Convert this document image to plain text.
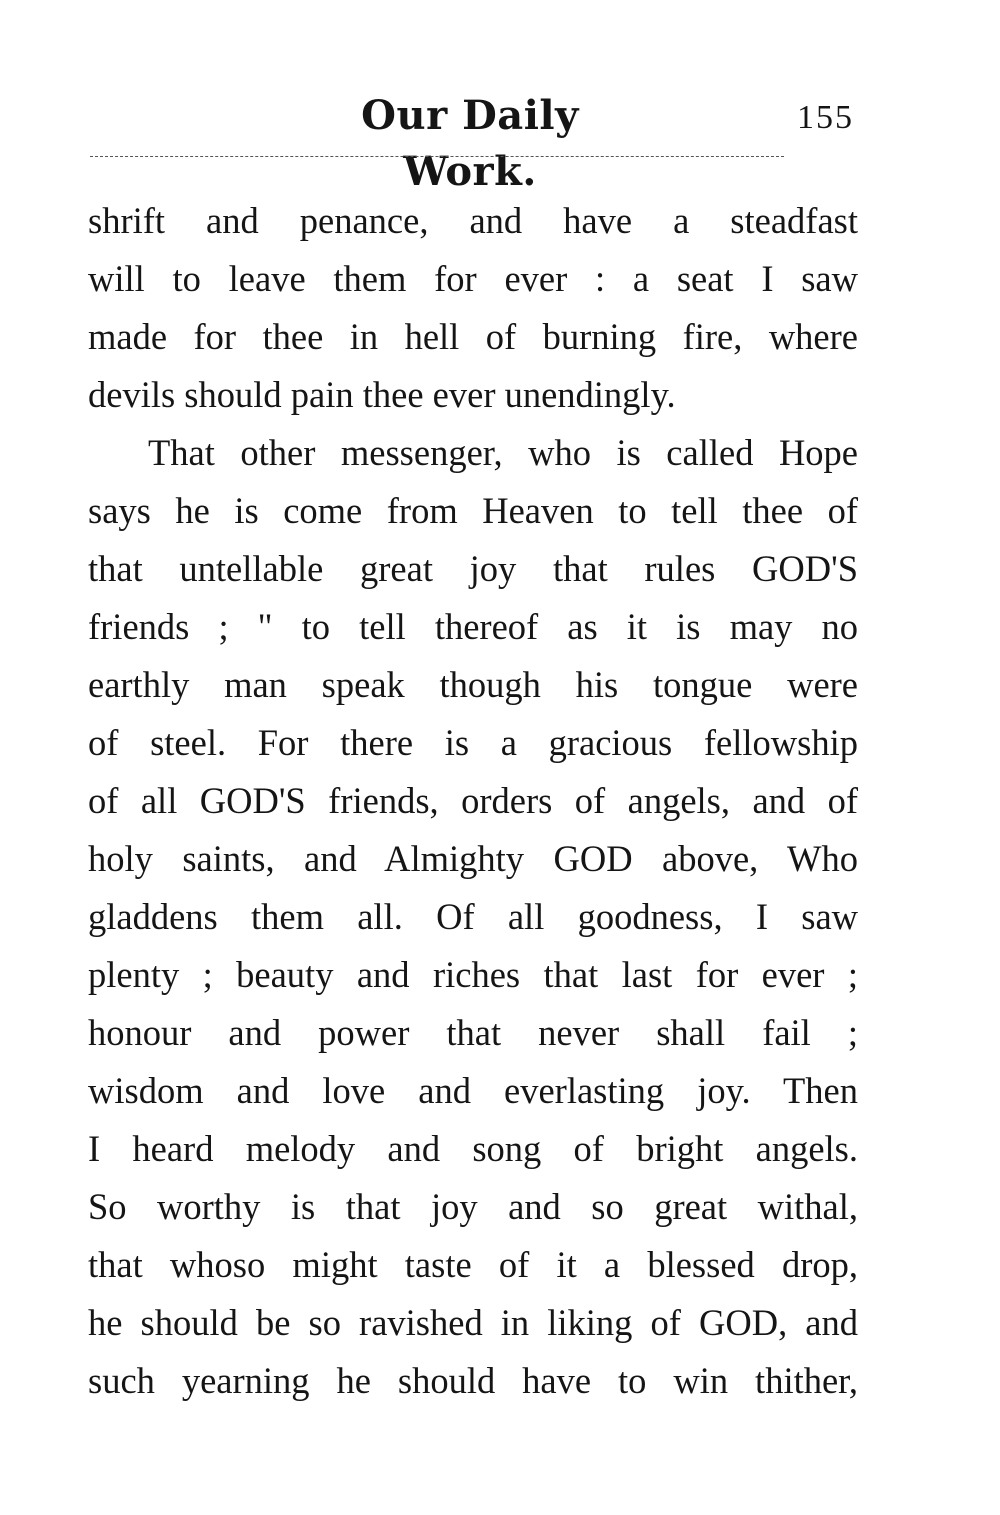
Our Daily Work.
155
shrift and penance, and have a steadfast
will to leave them for ever : a seat I saw
made for thee in hell of burning fire, where
devils should pain thee ever unendingly.
That other messenger, who is called Hope
says he is come from Heaven to tell thee of
that untellable great joy that rules GOD'S
friends ; " to tell thereof as it is may no
earthly man speak though his tongue were
of steel. For there is a gracious fellowship
of all GOD'S friends, orders of angels, and of
holy saints, and Almighty GOD above, Who
gladdens them all. Of all goodness, I saw
plenty ; beauty and riches that last for ever ;
honour and power that never shall fail ;
wisdom and love and everlasting joy. Then
I heard melody and song of bright angels.
So worthy is that joy and so great withal,
that whoso might taste of it a blessed drop,
he should be so ravished in liking of GOD, and
such yearning he should have to win thither,
